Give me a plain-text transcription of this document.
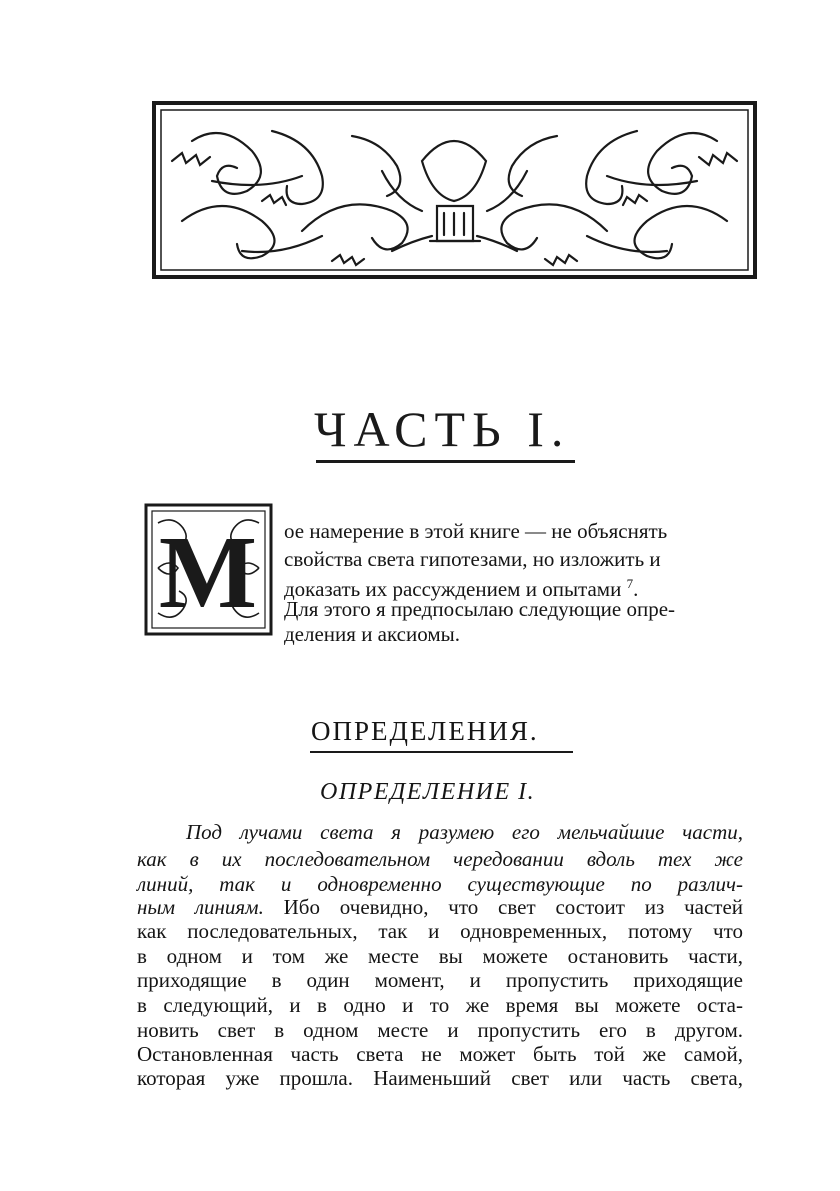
ЧАСТЬ I.
М ое намерение в этой книге — не объяснять
свойства света гипотезами, но изложить и
доказать их рассуждением и опытами $^7$.
Для этого я предпосылаю следующие опре-
деления и аксиомы.
ОПРЕДЕЛЕНИЯ.
ОПРЕДЕЛЕНИЕ I.
Под лучами света я разумею его мельчайшие части,
как в их последовательном чередовании вдоль тех же
линий, так и одновременно существующие по различ-
ным линиям. Ибо очевидно, что свет состоит из частей
как последовательных, так и одновременных, потому что
в одном и том же месте вы можете остановить части,
приходящие в один момент, и пропустить приходящие
в следующий, и в одно и то же время вы можете оста-
новить свет в одном месте и пропустить его в другом.
Остановленная часть света не может быть той же самой,
которая уже прошла. Наименьший свет или часть света,
